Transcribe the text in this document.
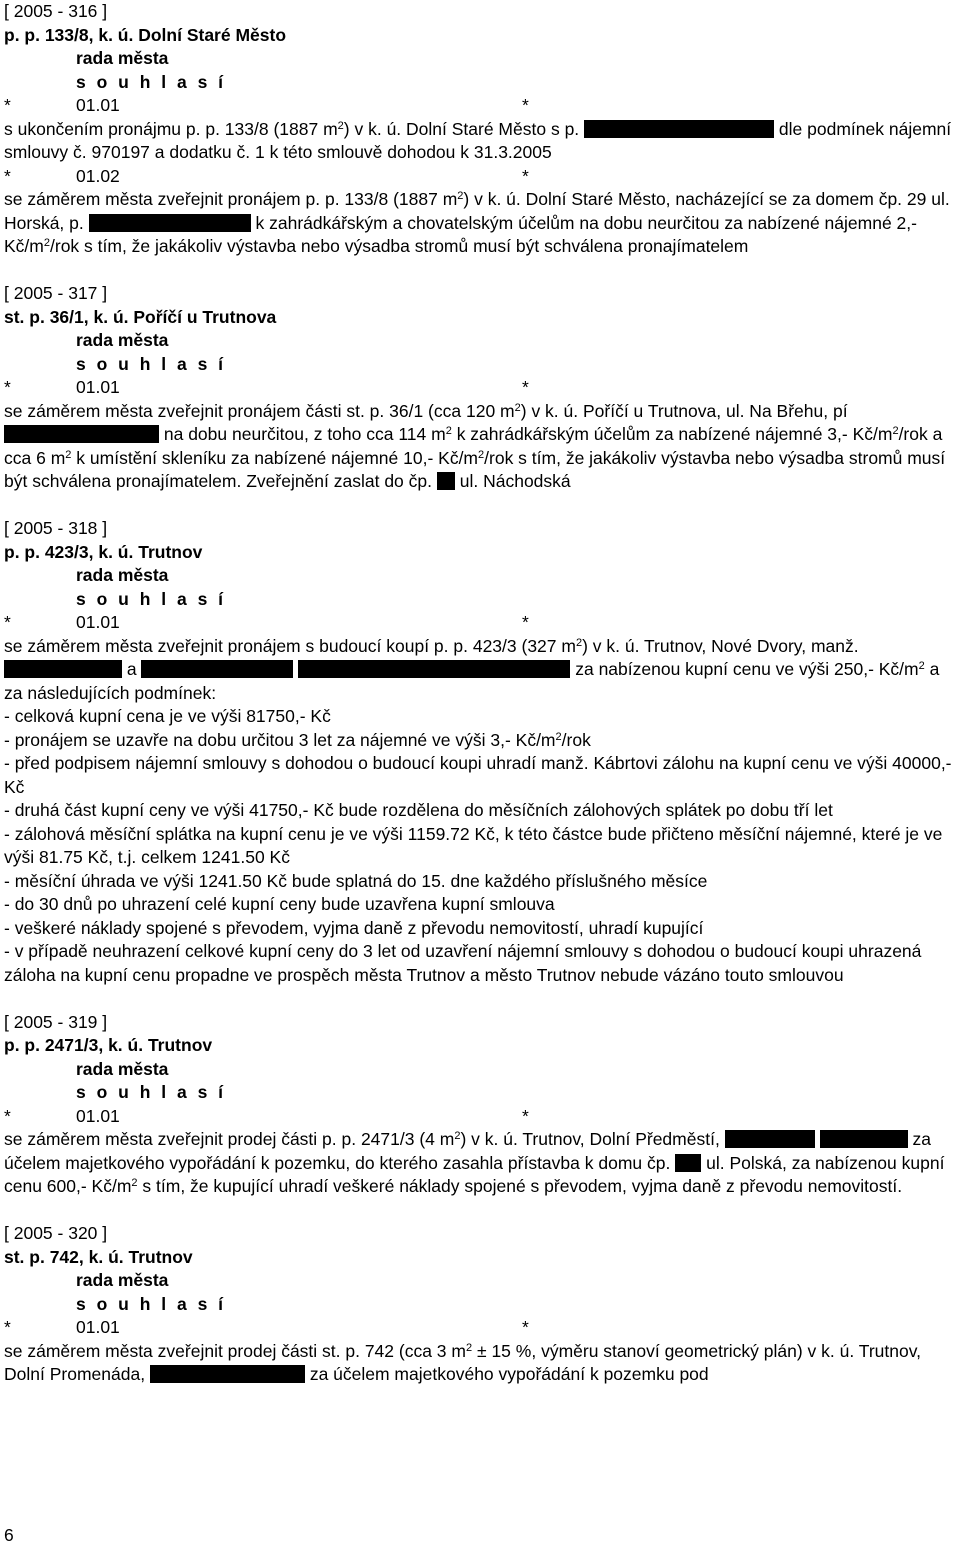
[ 2005 - 316 ]
p. p. 133/8, k. ú. Dolní Staré Město
rada města
s o u h l a s í
*	01.01	*

s ukončením pronájmu p. p. 133/8 (1887 $m^2$) v k. ú. Dolní Staré Město s p.	dle podmínek nájemní smlouvy č. 970197 a dodatku č. 1 k této smlouvě dohodou k 31.3.2005

*	01.02	*

se záměrem města zveřejnit pronájem p. p. 133/8 (1887 $m^2$) v k. ú. Dolní Staré Město, nacházející se za domem čp. 29 ul. Horská, p.	k zahrádkářským a chovatelským účelům na dobu neurčitou za nabízené nájemné 2,- $Kč/m^2$/rok s tím, že jakákoliv výstavba nebo výsadba stromů musí být schválena pronajímatelem

[ 2005 - 317 ]
st. p. 36/1, k. ú. Poříčí u Trutnova
rada města
s o u h l a s í
*	01.01	*

se záměrem města zveřejnit pronájem části st. p. 36/1 (cca 120 $m^2$) v k. ú. Poříčí u Trutnova, ul. Na Břehu, pí  na dobu neurčitou, z toho cca 114 $m^2$ k zahrádkářským účelům za nabízené nájemné 3,- $Kč/m^2$/rok a cca 6 $m^2$ k umístění skleníku za nabízené nájemné 10,- $Kč/m^2$/rok s tím, že jakákoliv výstavba nebo výsadba stromů musí být schválena pronajímatelem. Zveřejnění zaslat do čp. ul. Náchodská

[ 2005 - 318 ]
p. p. 423/3, k. ú. Trutnov
rada města
s o u h l a s í
*	01.01	*

se záměrem města zveřejnit pronájem s budoucí koupí p. p. 423/3 (327 $m^2$) v k. ú. Trutnov, Nové Dvory, manž.  a	za nabízenou kupní cenu ve výši 250,- $Kč/m^2$ a za následujících podmínek:

- celková kupní cena je ve výši 81750,- Kč

- pronájem se uzavře na dobu určitou 3 let za nájemné ve výši 3,- $Kč/m^2$/rok

- před podpisem nájemní smlouvy s dohodou o budoucí koupi uhradí manž. Kábrtovi zálohu na kupní cenu ve výši 40000,- Kč

- druhá část kupní ceny ve výši 41750,- Kč bude rozdělena do měsíčních zálohových splátek po dobu tří let

- zálohová měsíční splátka na kupní cenu je ve výši 1159.72 Kč, k této částce bude přičteno měsíční nájemné, které je ve výši 81.75 Kč, t.j. celkem 1241.50 Kč

- měsíční úhrada ve výši 1241.50 Kč bude splatná do 15. dne každého příslušného měsíce

- do 30 dnů po uhrazení celé kupní ceny bude uzavřena kupní smlouva

- veškeré náklady spojené s převodem, vyjma daně z převodu nemovitostí, uhradí kupující

- v případě neuhrazení celkové kupní ceny do 3 let od uzavření nájemní smlouvy s dohodou o budoucí koupi uhrazená záloha na kupní cenu propadne ve prospěch města Trutnov a město Trutnov nebude vázáno touto smlouvou

[ 2005 - 319 ]
p. p. 2471/3, k. ú. Trutnov
rada města
s o u h l a s í
*	01.01	*

se záměrem města zveřejnit prodej části p. p. 2471/3 (4 $m^2$) v k. ú. Trutnov, Dolní Předměstí,	za účelem majetkového vypořádání k pozemku, do kterého zasahla přístavba k domu čp. ul. Polská, za nabízenou kupní cenu 600,- $Kč/m^2$ s tím, že kupující uhradí veškeré náklady spojené s převodem, vyjma daně z převodu nemovitostí.

[ 2005 - 320 ]
st. p. 742, k. ú. Trutnov
rada města
s o u h l a s í
*	01.01	*

se záměrem města zveřejnit prodej části st. p. 742 (cca 3 $m^2 \pm 15$ %, výměru stanoví geometrický plán) v k. ú. Trutnov, Dolní Promenáda,	za účelem majetkového vypořádání k pozemku pod

6
